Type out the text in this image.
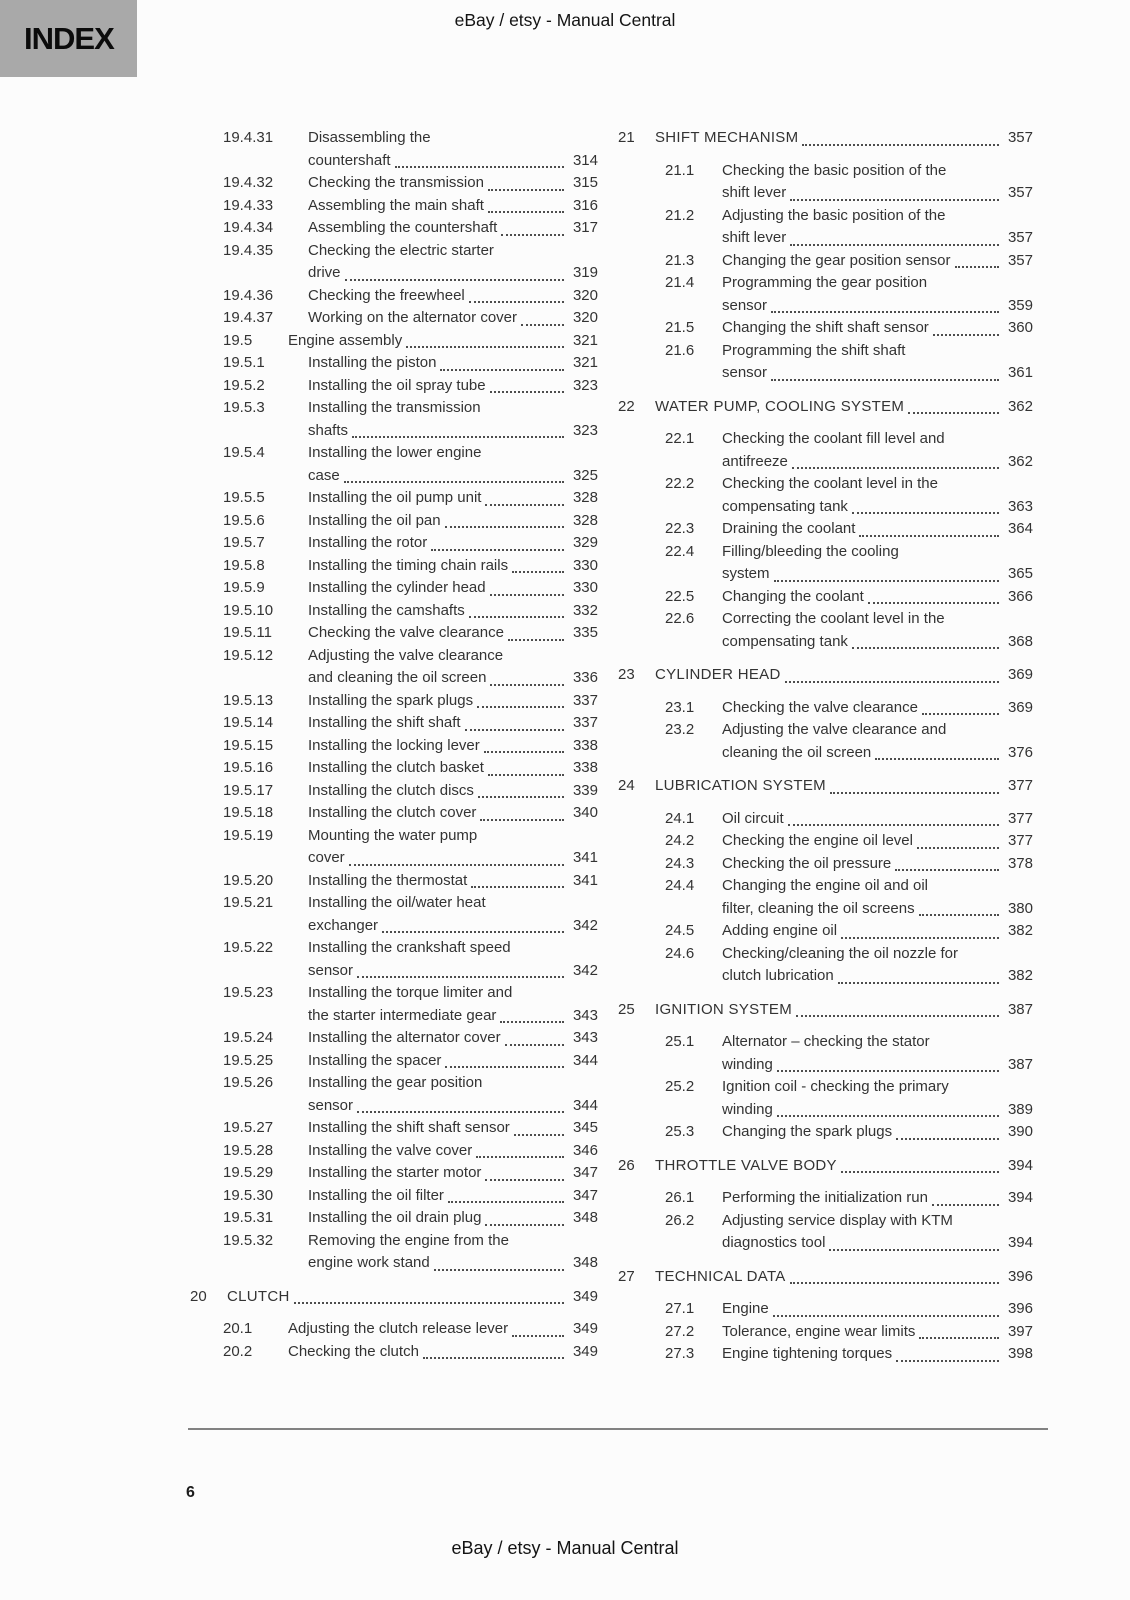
INDEX
eBay / etsy - Manual Central
19.4.31	Disassembling the
countershaft	314
19.4.32	Checking the transmission	315
19.4.33	Assembling the main shaft	316
19.4.34	Assembling the countershaft	317
19.4.35	Checking the electric starter
drive	319
19.4.36	Checking the freewheel	320
19.4.37	Working on the alternator cover	320
19.5	Engine assembly	321
19.5.1	Installing the piston	321
19.5.2	Installing the oil spray tube	323
19.5.3	Installing the transmission
shafts	323
19.5.4	Installing the lower engine
case	325
19.5.5	Installing the oil pump unit	328
19.5.6	Installing the oil pan	328
19.5.7	Installing the rotor	329
19.5.8	Installing the timing chain rails	330
19.5.9	Installing the cylinder head	330
19.5.10	Installing the camshafts	332
19.5.11	Checking the valve clearance	335
19.5.12	Adjusting the valve clearance
and cleaning the oil screen	336
19.5.13	Installing the spark plugs	337
19.5.14	Installing the shift shaft	337
19.5.15	Installing the locking lever	338
19.5.16	Installing the clutch basket	338
19.5.17	Installing the clutch discs	339
19.5.18	Installing the clutch cover	340
19.5.19	Mounting the water pump
cover	341
19.5.20	Installing the thermostat	341
19.5.21	Installing the oil/water heat
exchanger	342
19.5.22	Installing the crankshaft speed
sensor	342
19.5.23	Installing the torque limiter and
the starter intermediate gear	343
19.5.24	Installing the alternator cover	343
19.5.25	Installing the spacer	344
19.5.26	Installing the gear position
sensor	344
19.5.27	Installing the shift shaft sensor	345
19.5.28	Installing the valve cover	346
19.5.29	Installing the starter motor	347
19.5.30	Installing the oil filter	347
19.5.31	Installing the oil drain plug	348
19.5.32	Removing the engine from the
engine work stand	348
20	CLUTCH	349
20.1	Adjusting the clutch release lever	349
20.2	Checking the clutch	349
21	SHIFT MECHANISM	357
21.1	Checking the basic position of the
shift lever	357
21.2	Adjusting the basic position of the
shift lever	357
21.3	Changing the gear position sensor	357
21.4	Programming the gear position
sensor	359
21.5	Changing the shift shaft sensor	360
21.6	Programming the shift shaft
sensor	361
22	WATER PUMP, COOLING SYSTEM	362
22.1	Checking the coolant fill level and
antifreeze	362
22.2	Checking the coolant level in the
compensating tank	363
22.3	Draining the coolant	364
22.4	Filling/bleeding the cooling
system	365
22.5	Changing the coolant	366
22.6	Correcting the coolant level in the
compensating tank	368
23	CYLINDER HEAD	369
23.1	Checking the valve clearance	369
23.2	Adjusting the valve clearance and
cleaning the oil screen	376
24	LUBRICATION SYSTEM	377
24.1	Oil circuit	377
24.2	Checking the engine oil level	377
24.3	Checking the oil pressure	378
24.4	Changing the engine oil and oil
filter, cleaning the oil screens	380
24.5	Adding engine oil	382
24.6	Checking/cleaning the oil nozzle for
clutch lubrication	382
25	IGNITION SYSTEM	387
25.1	Alternator – checking the stator
winding	387
25.2	Ignition coil - checking the primary
winding	389
25.3	Changing the spark plugs	390
26	THROTTLE VALVE BODY	394
26.1	Performing the initialization run	394
26.2	Adjusting service display with KTM
diagnostics tool	394
27	TECHNICAL DATA	396
27.1	Engine	396
27.2	Tolerance, engine wear limits	397
27.3	Engine tightening torques	398
6
eBay / etsy - Manual Central
